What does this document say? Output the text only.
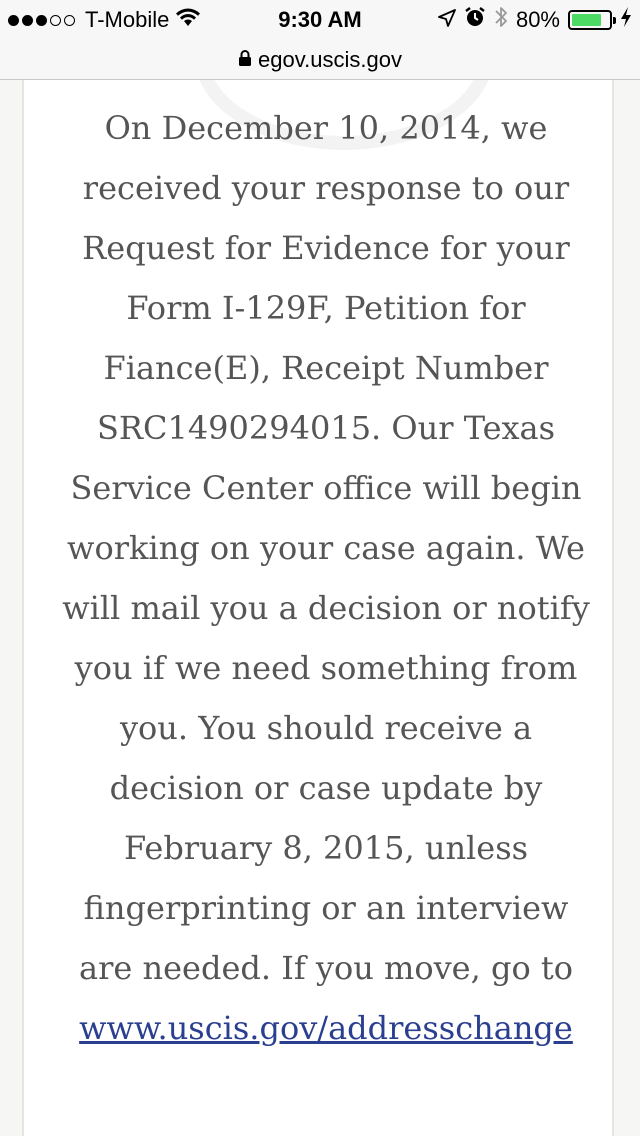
T-Mobile	9:30 AM	80%
egov.uscis.gov

On December 10, 2014, we received your response to our Request for Evidence for your Form I-129F, Petition for Fiance(E), Receipt Number SRC1490294015. Our Texas Service Center office will begin working on your case again. We will mail you a decision or notify you if we need something from you. You should receive a decision or case update by February 8, 2015, unless fingerprinting or an interview are needed. If you move, go to www.uscis.gov/addresschange
